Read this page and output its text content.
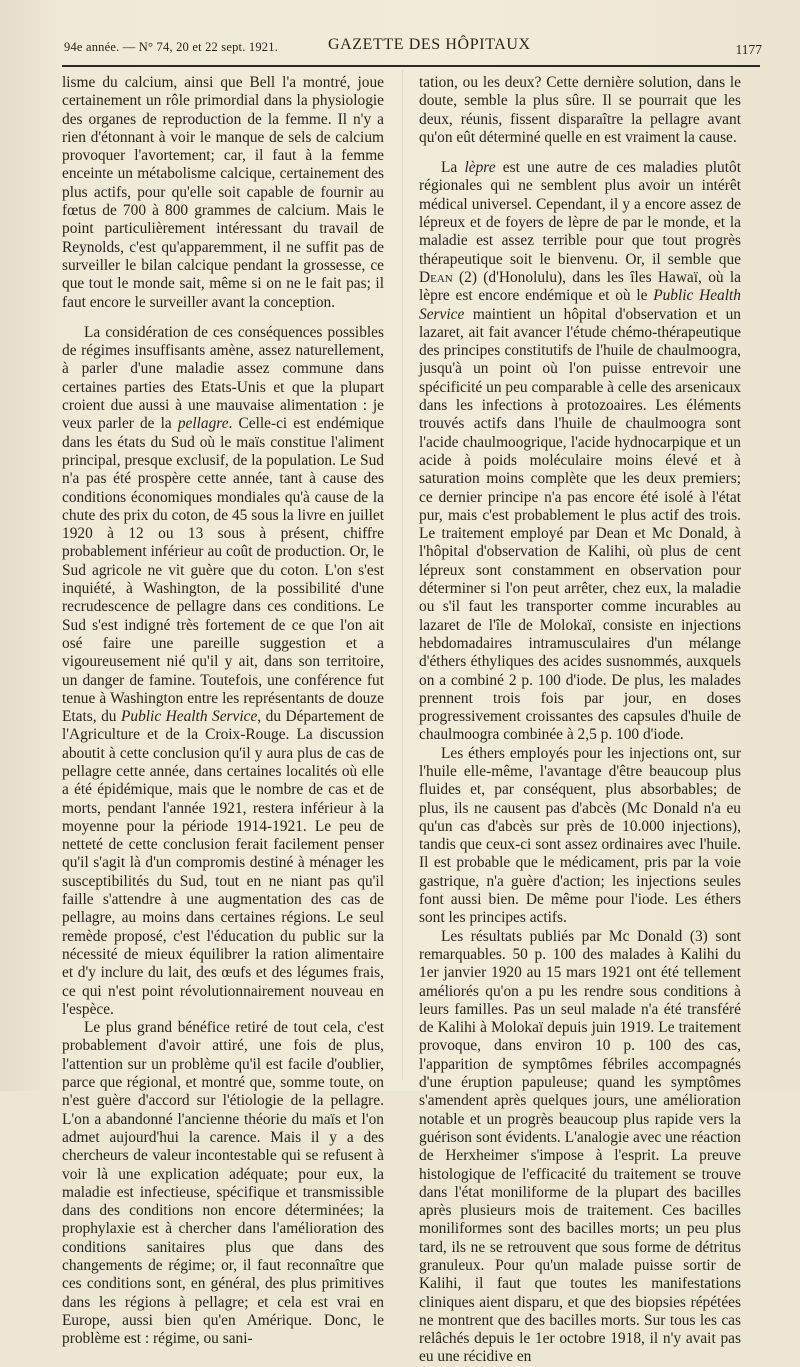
94e année. — N° 74, 20 et 22 sept. 1921.	GAZETTE DES HÔPITAUX	1177

lisme du calcium, ainsi que Bell l'a montré, joue certainement un rôle primordial dans la physiologie des organes de reproduction de la femme. Il n'y a rien d'étonnant à voir le manque de sels de calcium provoquer l'avortement; car, il faut à la femme enceinte un métabolisme calcique, certainement des plus actifs, pour qu'elle soit capable de fournir au fœtus de 700 à 800 grammes de calcium. Mais le point particulièrement intéressant du travail de Reynolds, c'est qu'apparemment, il ne suffit pas de surveiller le bilan calcique pendant la grossesse, ce que tout le monde sait, même si on ne le fait pas; il faut encore le surveiller avant la conception.

La considération de ces conséquences possibles de régimes insuffisants amène, assez naturellement, à parler d'une maladie assez commune dans certaines parties des Etats-Unis et que la plupart croient due aussi à une mauvaise alimentation : je veux parler de la pellagre. Celle-ci est endémique dans les états du Sud où le maïs constitue l'aliment principal, presque exclusif, de la population. Le Sud n'a pas été prospère cette année, tant à cause des conditions économiques mondiales qu'à cause de la chute des prix du coton, de 45 sous la livre en juillet 1920 à 12 ou 13 sous à présent, chiffre probablement inférieur au coût de production. Or, le Sud agricole ne vit guère que du coton. L'on s'est inquiété, à Washington, de la possibilité d'une recrudescence de pellagre dans ces conditions. Le Sud s'est indigné très fortement de ce que l'on ait osé faire une pareille suggestion et a vigoureusement nié qu'il y ait, dans son territoire, un danger de famine. Toutefois, une conférence fut tenue à Washington entre les représentants de douze Etats, du Public Health Service, du Département de l'Agriculture et de la Croix-Rouge. La discussion aboutit à cette conclusion qu'il y aura plus de cas de pellagre cette année, dans certaines localités où elle a été épidémique, mais que le nombre de cas et de morts, pendant l'année 1921, restera inférieur à la moyenne pour la période 1914-1921. Le peu de netteté de cette conclusion ferait facilement penser qu'il s'agit là d'un compromis destiné à ménager les susceptibilités du Sud, tout en ne niant pas qu'il faille s'attendre à une augmentation des cas de pellagre, au moins dans certaines régions. Le seul remède proposé, c'est l'éducation du public sur la nécessité de mieux équilibrer la ration alimentaire et d'y inclure du lait, des œufs et des légumes frais, ce qui n'est point révolutionnairement nouveau en l'espèce.

Le plus grand bénéfice retiré de tout cela, c'est probablement d'avoir attiré, une fois de plus, l'attention sur un problème qu'il est facile d'oublier, parce que régional, et montré que, somme toute, on n'est guère d'accord sur l'étiologie de la pellagre. L'on a abandonné l'ancienne théorie du maïs et l'on admet aujourd'hui la carence. Mais il y a des chercheurs de valeur incontestable qui se refusent à voir là une explication adéquate; pour eux, la maladie est infectieuse, spécifique et transmissible dans des conditions non encore déterminées; la prophylaxie est à chercher dans l'amélioration des conditions sanitaires plus que dans des changements de régime; or, il faut reconnaître que ces conditions sont, en général, des plus primitives dans les régions à pellagre; et cela est vrai en Europe, aussi bien qu'en Amérique. Donc, le problème est : régime, ou sani-

tation, ou les deux? Cette dernière solution, dans le doute, semble la plus sûre. Il se pourrait que les deux, réunis, fissent disparaître la pellagre avant qu'on eût déterminé quelle en est vraiment la cause.

La lèpre est une autre de ces maladies plutôt régionales qui ne semblent plus avoir un intérêt médical universel. Cependant, il y a encore assez de lépreux et de foyers de lèpre de par le monde, et la maladie est assez terrible pour que tout progrès thérapeutique soit le bienvenu. Or, il semble que Dean (2) (d'Honolulu), dans les îles Hawaï, où la lèpre est encore endémique et où le Public Health Service maintient un hôpital d'observation et un lazaret, ait fait avancer l'étude chémo-thérapeutique des principes constitutifs de l'huile de chaulmoogra, jusqu'à un point où l'on puisse entrevoir une spécificité un peu comparable à celle des arsenicaux dans les infections à protozoaires. Les éléments trouvés actifs dans l'huile de chaulmoogra sont l'acide chaulmoogrique, l'acide hydnocarpique et un acide à poids moléculaire moins élevé et à saturation moins complète que les deux premiers; ce dernier principe n'a pas encore été isolé à l'état pur, mais c'est probablement le plus actif des trois. Le traitement employé par Dean et Mc Donald, à l'hôpital d'observation de Kalihi, où plus de cent lépreux sont constamment en observation pour déterminer si l'on peut arrêter, chez eux, la maladie ou s'il faut les transporter comme incurables au lazaret de l'île de Molokaï, consiste en injections hebdomadaires intramusculaires d'un mélange d'éthers éthyliques des acides susnommés, auxquels on a combiné 2 p. 100 d'iode. De plus, les malades prennent trois fois par jour, en doses progressivement croissantes des capsules d'huile de chaulmoogra combinée à 2,5 p. 100 d'iode.

Les éthers employés pour les injections ont, sur l'huile elle-même, l'avantage d'être beaucoup plus fluides et, par conséquent, plus absorbables; de plus, ils ne causent pas d'abcès (Mc Donald n'a eu qu'un cas d'abcès sur près de 10.000 injections), tandis que ceux-ci sont assez ordinaires avec l'huile. Il est probable que le médicament, pris par la voie gastrique, n'a guère d'action; les injections seules font aussi bien. De même pour l'iode. Les éthers sont les principes actifs.

Les résultats publiés par Mc Donald (3) sont remarquables. 50 p. 100 des malades à Kalihi du 1er janvier 1920 au 15 mars 1921 ont été tellement améliorés qu'on a pu les rendre sous conditions à leurs familles. Pas un seul malade n'a été transféré de Kalihi à Molokaï depuis juin 1919. Le traitement provoque, dans environ 10 p. 100 des cas, l'apparition de symptômes fébriles accompagnés d'une éruption papuleuse; quand les symptômes s'amendent après quelques jours, une amélioration notable et un progrès beaucoup plus rapide vers la guérison sont évidents. L'analogie avec une réaction de Herxheimer s'impose à l'esprit. La preuve histologique de l'efficacité du traitement se trouve dans l'état moniliforme de la plupart des bacilles après plusieurs mois de traitement. Ces bacilles moniliformes sont des bacilles morts; un peu plus tard, ils ne se retrouvent que sous forme de détritus granuleux. Pour qu'un malade puisse sortir de Kalihi, il faut que toutes les manifestations cliniques aient disparu, et que des biopsies répétées ne montrent que des bacilles morts. Sur tous les cas relâchés depuis le 1er octobre 1918, il n'y avait pas eu une récidive en
